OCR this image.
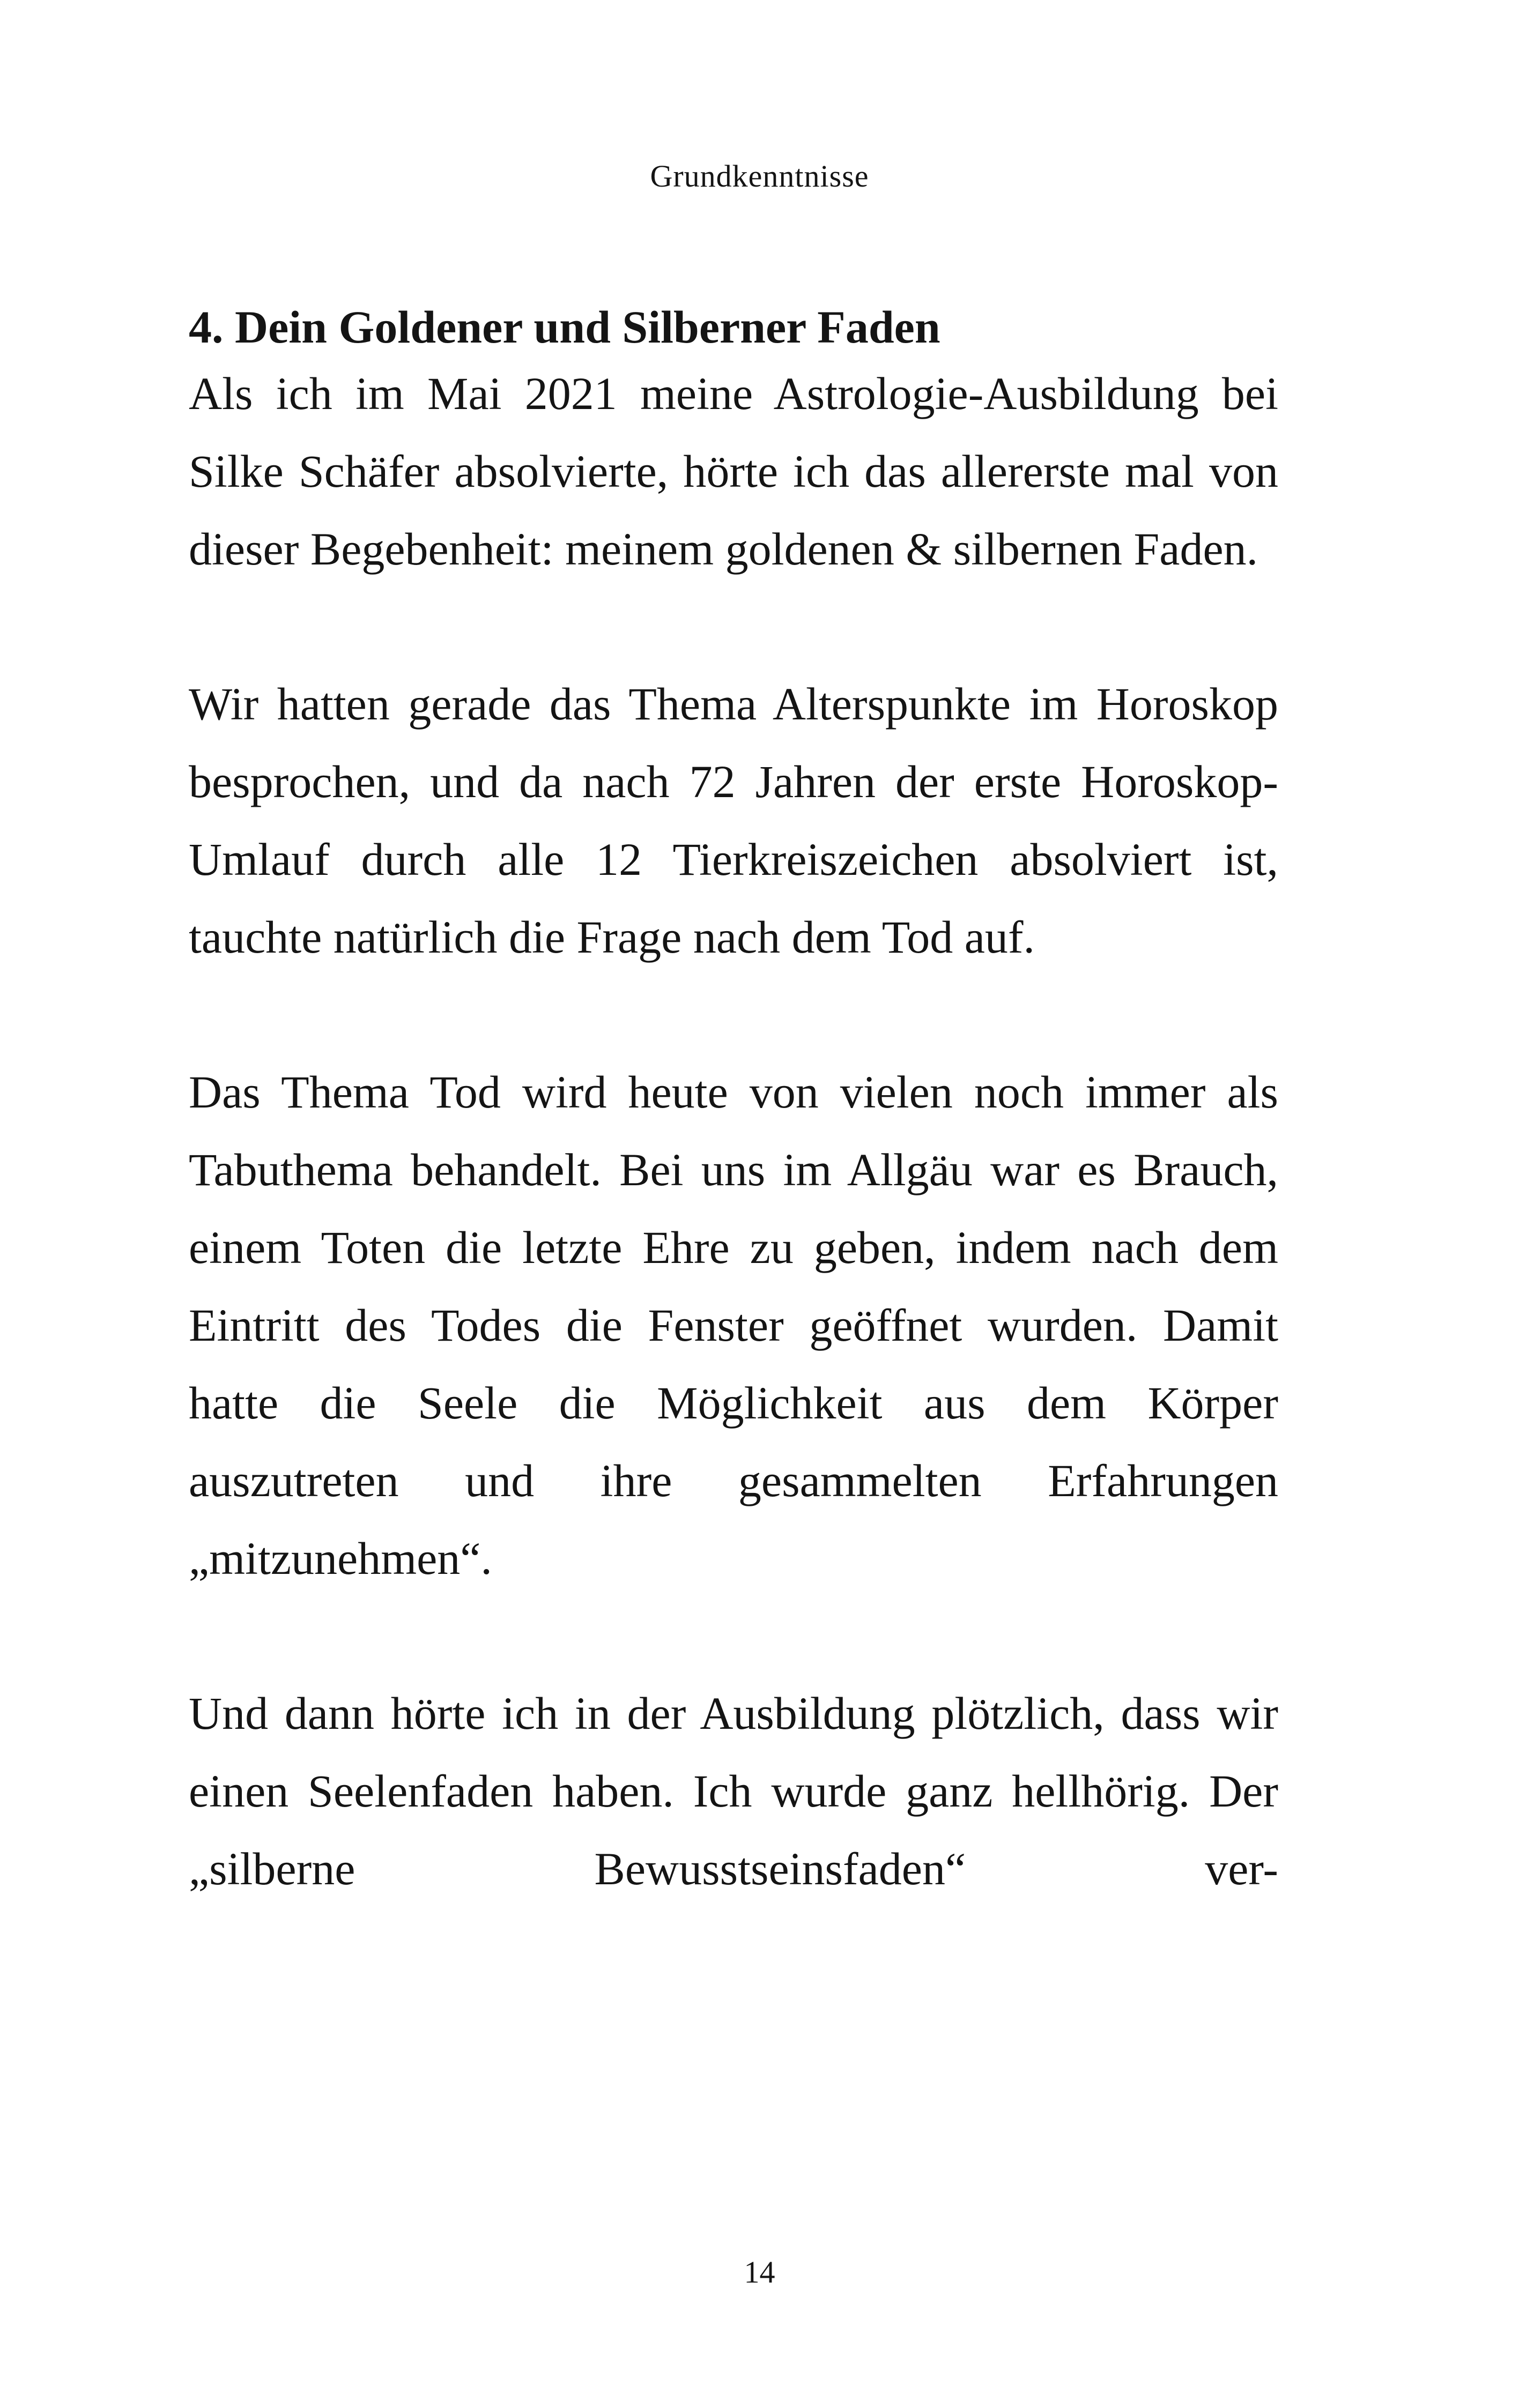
Grundkenntnisse
4. Dein Goldener und Silberner Faden

Als ich im Mai 2021 meine Astrologie-Ausbildung bei Silke Schäfer absolvierte, hörte ich das allererste mal von dieser Begebenheit: meinem goldenen & silbernen Faden.

Wir hatten gerade das Thema Alterspunkte im Horoskop besprochen, und da nach 72 Jahren der erste Horoskop-Umlauf durch alle 12 Tierkreiszeichen absolviert ist, tauchte natürlich die Frage nach dem Tod auf.

Das Thema Tod wird heute von vielen noch immer als Tabuthema behandelt. Bei uns im Allgäu war es Brauch, einem Toten die letzte Ehre zu geben, indem nach dem Eintritt des Todes die Fenster geöffnet wurden. Damit hatte die Seele die Möglichkeit aus dem Körper auszutreten und ihre gesammelten Erfahrungen „mitzunehmen“.

Und dann hörte ich in der Ausbildung plötzlich, dass wir einen Seelenfaden haben. Ich wurde ganz hellhörig. Der „silberne Bewusstseinsfaden“ ver-

14
